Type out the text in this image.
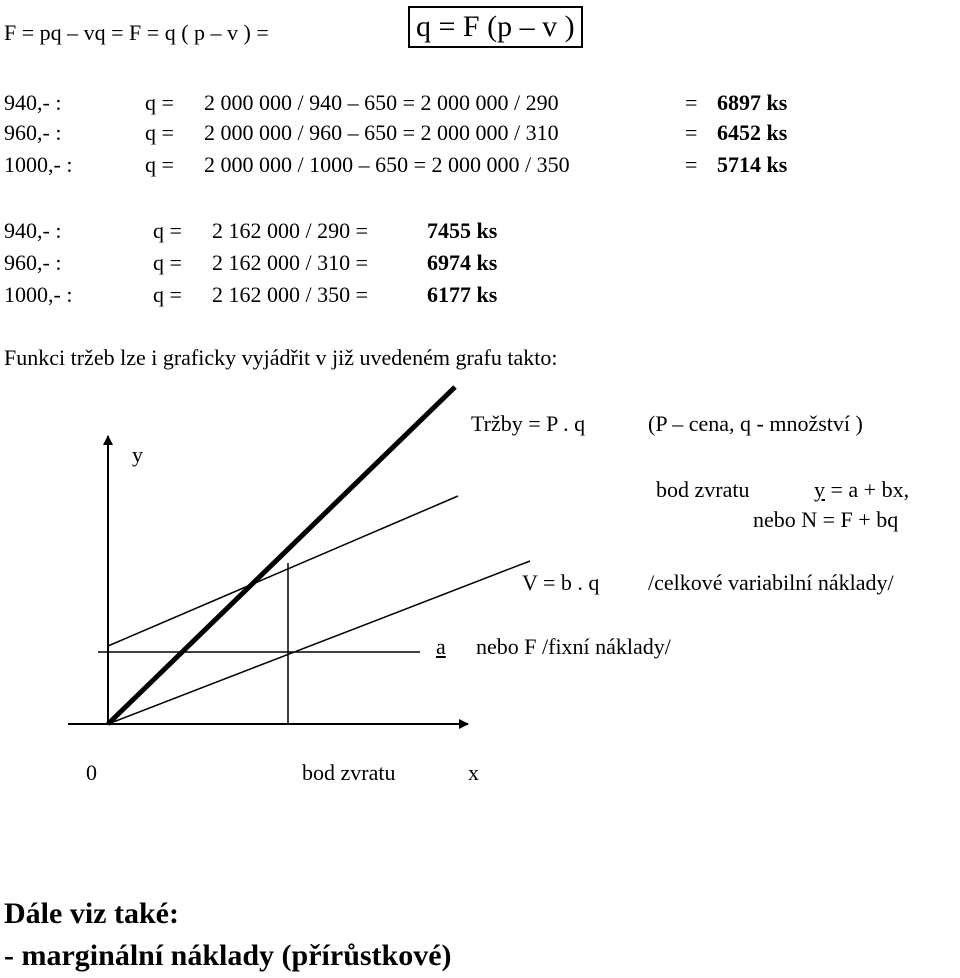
F = pq – vq = F = q ( p – v ) =	q = F (p – v )
940,- :	q = 2 000 000 / 940 – 650 = 2 000 000 / 290	= 6897 ks
960,- :	q = 2 000 000 / 960 – 650 = 2 000 000 / 310	= 6452 ks
1000,- :	q = 2 000 000 / 1000 – 650 = 2 000 000 / 350	= 5714 ks
940,- :	q = 2 162 000 / 290 =	7455 ks
960,- :	q = 2 162 000 / 310 =	6974 ks
1000,- :	q = 2 162 000 / 350 =	6177 ks
Funkci tržeb lze i graficky vyjádřit v již uvedeném grafu takto:
y
x
0	bod zvratu
Tržby = P . q	(P – cena, q - množství )
bod zvratu	y = a + bx,
nebo N = F + bq
V = b . q /celkové variabilní náklady/
a nebo F /fixní náklady/
Dále viz také:
- marginální náklady (přírůstkové)
